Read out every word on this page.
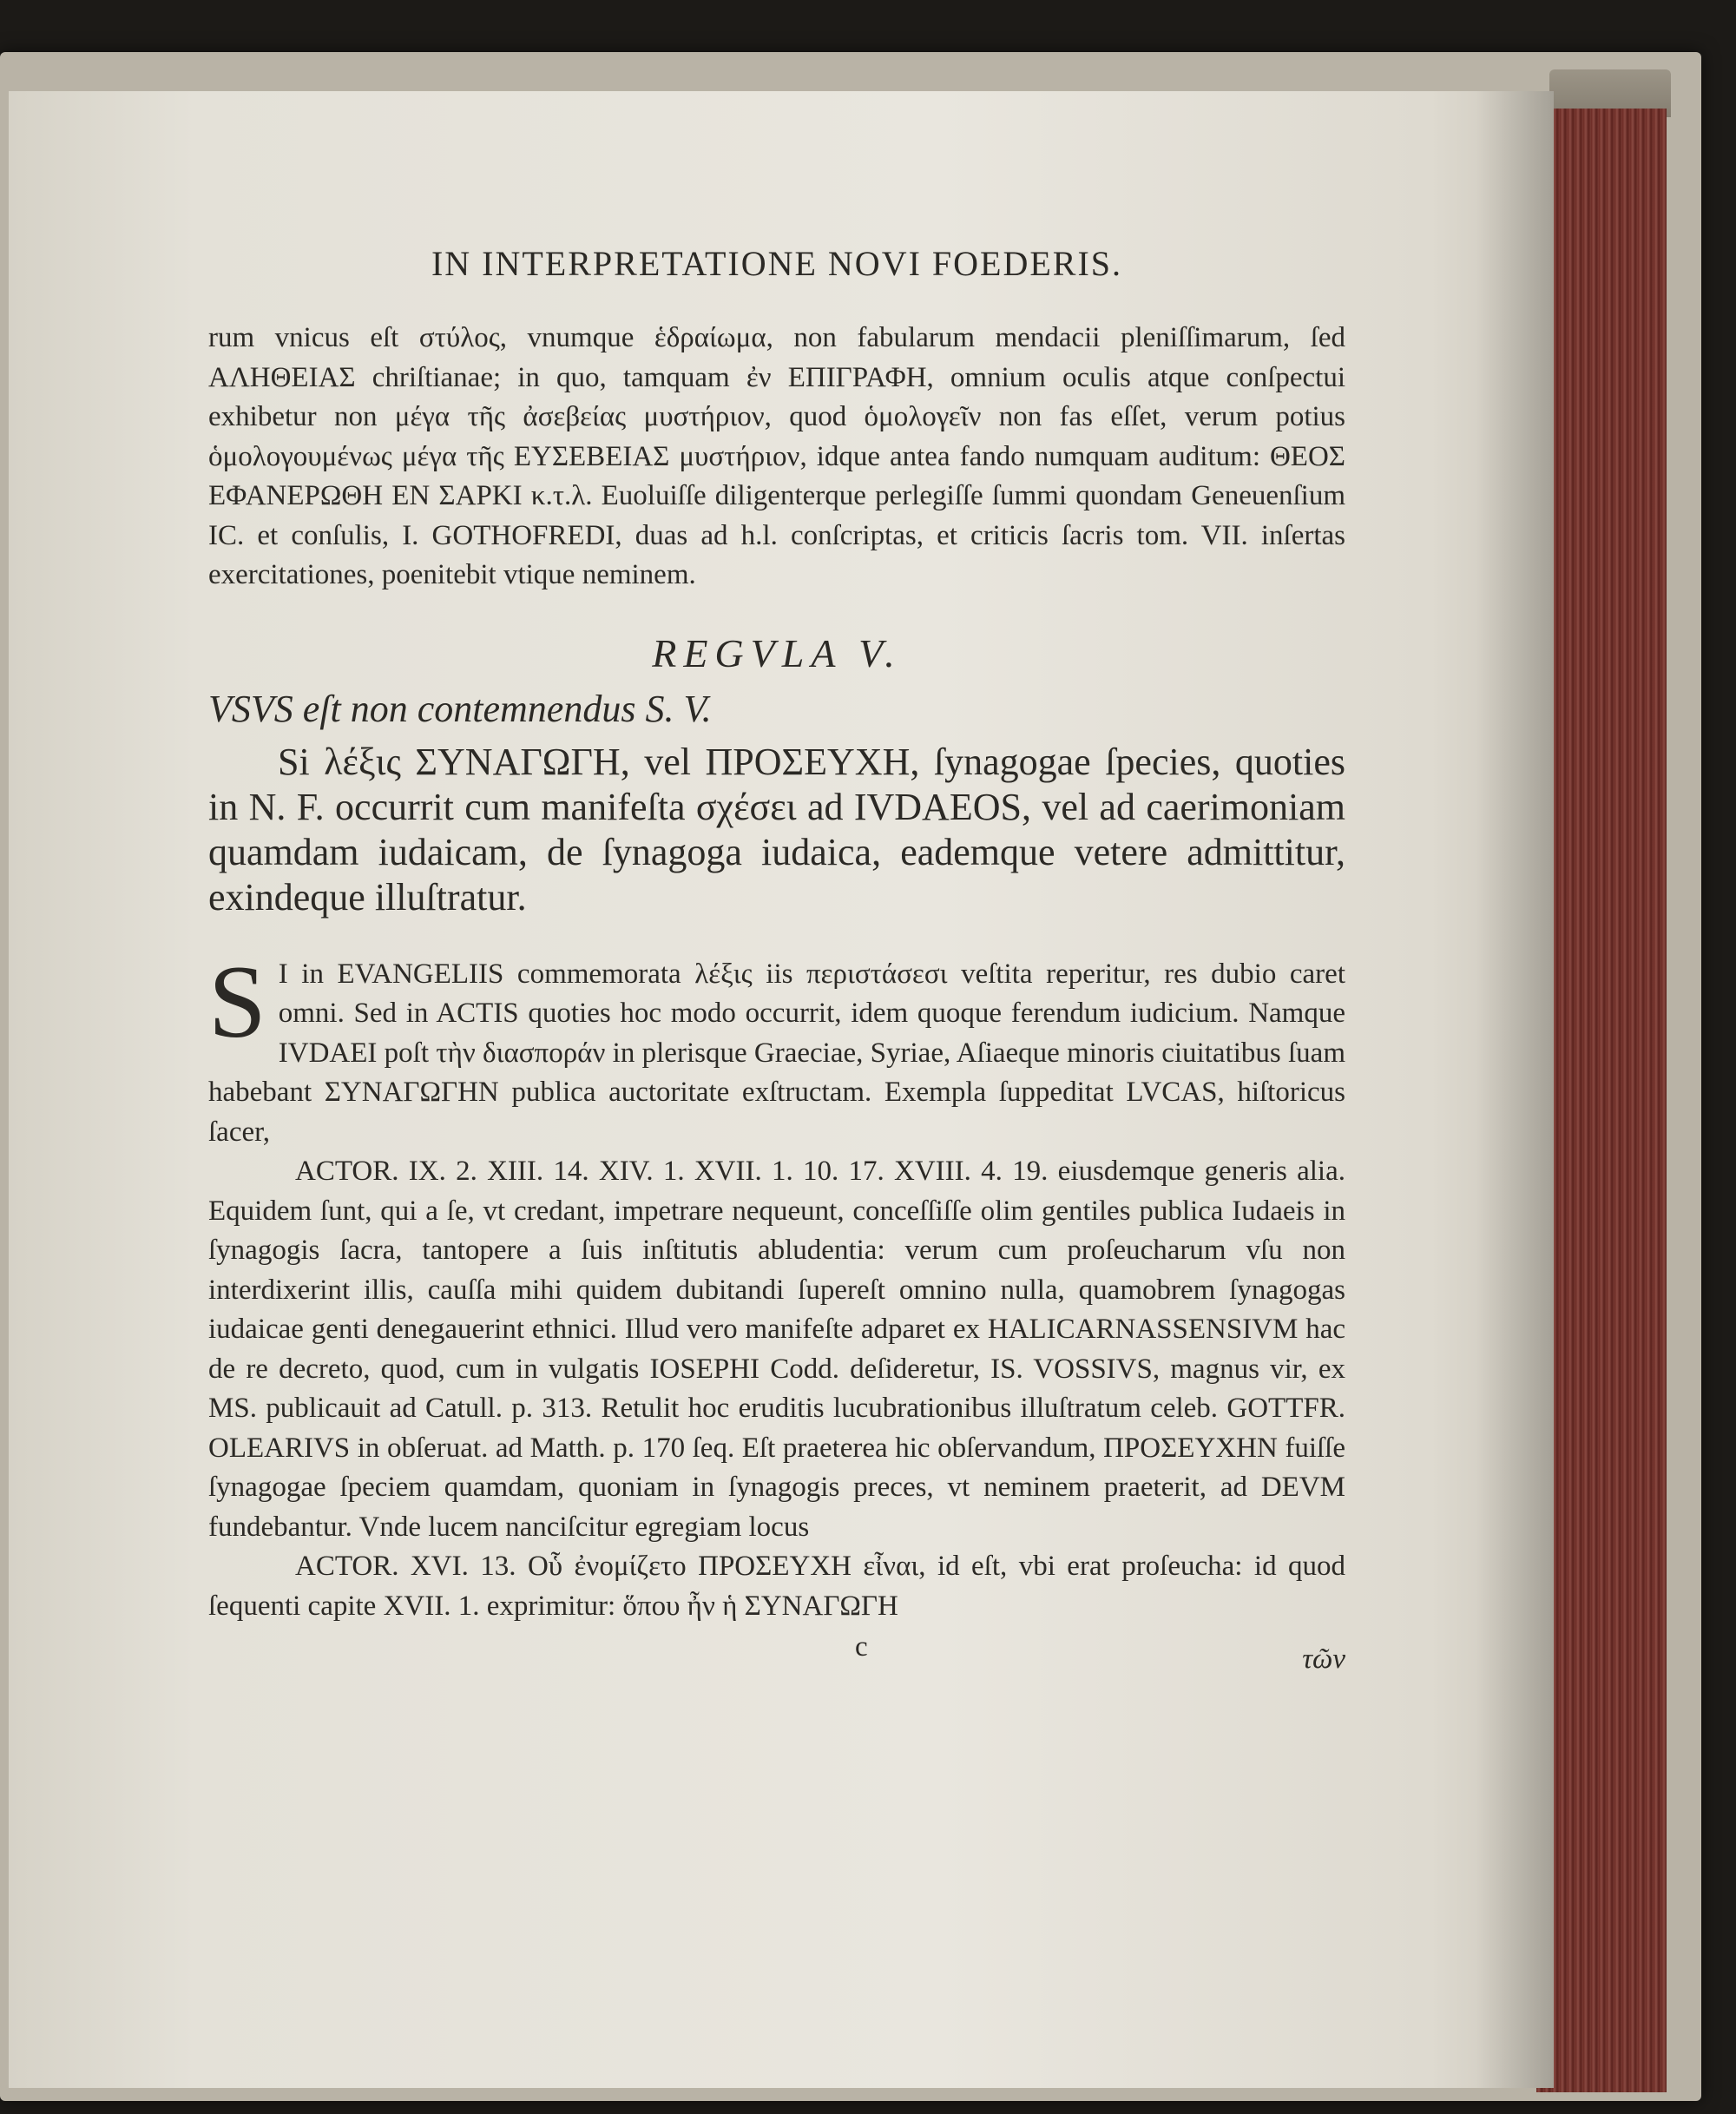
IN INTERPRETATIONE NOVI FOEDERIS.

rum vnicus eſt στύλος, vnumque ἑδραίωμα, non fabularum mendacii pleniſſimarum, ſed ΑΛΗΘΕΙΑΣ chriſtianae; in quo, tamquam ἐν ΕΠΙΓΡΑΦΗ, omnium oculis atque conſpectui exhibetur non μέγα τῆς ἀσεβείας μυστήριον, quod ὁμολογεῖν non fas eſſet, verum potius ὁμολογουμένως μέγα τῆς ΕΥΣΕΒΕΙΑΣ μυστήριον, idque antea fando numquam auditum: ΘΕΟΣ ΕΦΑΝΕΡΩΘΗ ΕΝ ΣΑΡΚΙ κ.τ.λ. Euoluiſſe diligenterque perlegiſſe ſummi quondam Geneuenſium IC. et conſulis, I. GOTHOFREDI, duas ad h.l. conſcriptas, et criticis ſacris tom. VII. inſertas exercitationes, poenitebit vtique neminem.

REGVLA V.
VSVS eſt non contemnendus S. V.

Si λέξις ΣΥΝΑΓΩΓΗ, vel ΠΡΟΣΕΥΧΗ, ſynagogae ſpecies, quoties in N. F. occurrit cum manifeſta σχέσει ad IVDAEOS, vel ad caerimoniam quamdam iudaicam, de ſynagoga iudaica, eademque vetere admittitur, exindeque illuſtratur.

S I in EVANGELIIS commemorata λέξις iis περιστάσεσι veſtita reperitur, res dubio caret omni. Sed in ACTIS quoties hoc modo occurrit, idem quoque ferendum iudicium. Namque IVDAEI poſt τὴν διασποράν in plerisque Graeciae, Syriae, Aſiaeque minoris ciuitatibus ſuam habebant ΣΥΝΑΓΩΓΗΝ publica auctoritate exſtructam. Exempla ſuppeditat LVCAS, hiſtoricus ſacer,

ACTOR. IX. 2. XIII. 14. XIV. 1. XVII. 1. 10. 17. XVIII. 4. 19. eiusdemque generis alia. Equidem ſunt, qui a ſe, vt credant, impetrare nequeunt, conceſſiſſe olim gentiles publica Iudaeis in ſynagogis ſacra, tantopere a ſuis inſtitutis abludentia: verum cum proſeucharum vſu non interdixerint illis, cauſſa mihi quidem dubitandi ſupereſt omnino nulla, quamobrem ſynagogas iudaicae genti denegauerint ethnici. Illud vero manifeſte adparet ex HALICARNASSENSIVM hac de re decreto, quod, cum in vulgatis IOSEPHI Codd. deſideretur, IS. VOSSIVS, magnus vir, ex MS. publicauit ad Catull. p. 313. Retulit hoc eruditis lucubrationibus illuſtratum celeb. GOTTFR. OLEARIVS in obſeruat. ad Matth. p. 170 ſeq. Eſt praeterea hic obſervandum, ΠΡΟΣΕΥΧΗΝ fuiſſe ſynagogae ſpeciem quamdam, quoniam in ſynagogis preces, vt neminem praeterit, ad DEVM fundebantur. Vnde lucem nanciſcitur egregiam locus

ACTOR. XVI. 13. Οὗ ἐνομίζετο ΠΡΟΣΕΥΧΗ εἶναι, id eſt, vbi erat proſeucha: id quod ſequenti capite XVII. 1. exprimitur: ὅπου ἦν ἡ ΣΥΝΑΓΩΓΗ

c	τῶν
